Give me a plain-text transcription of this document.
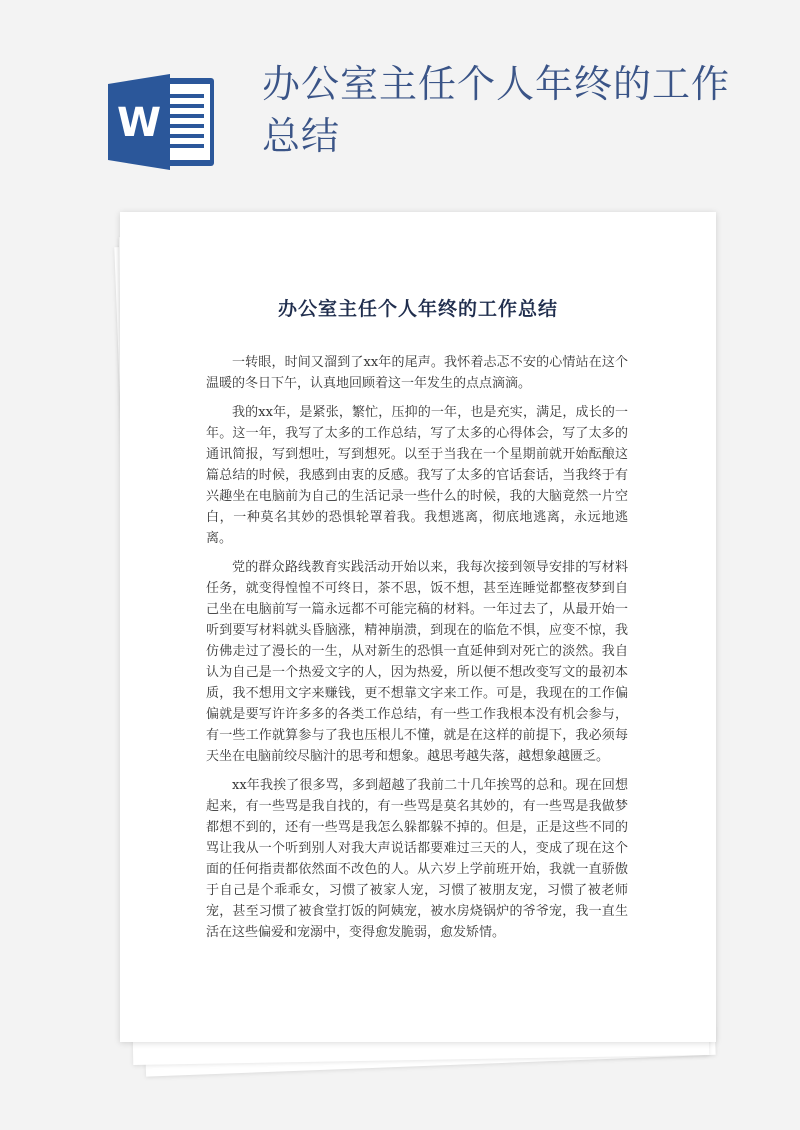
W
办公室主任个人年终的工作总结
办公室主任个人年终的工作总结

一转眼，时间又溜到了xx年的尾声。我怀着忐忑不安的心情站在这个温暖的冬日下午，认真地回顾着这一年发生的点点滴滴。

我的xx年，是紧张，繁忙，压抑的一年，也是充实，满足，成长的一年。这一年，我写了太多的工作总结，写了太多的心得体会，写了太多的通讯简报，写到想吐，写到想死。以至于当我在一个星期前就开始酝酿这篇总结的时候，我感到由衷的反感。我写了太多的官话套话，当我终于有兴趣坐在电脑前为自己的生活记录一些什么的时候，我的大脑竟然一片空白，一种莫名其妙的恐惧轮罩着我。我想逃离，彻底地逃离，永远地逃离。

党的群众路线教育实践活动开始以来，我每次接到领导安排的写材料任务，就变得惶惶不可终日，茶不思，饭不想，甚至连睡觉都整夜梦到自己坐在电脑前写一篇永远都不可能完稿的材料。一年过去了，从最开始一听到要写材料就头昏脑涨，精神崩溃，到现在的临危不惧，应变不惊，我仿佛走过了漫长的一生，从对新生的恐惧一直延伸到对死亡的淡然。我自认为自己是一个热爱文字的人，因为热爱，所以便不想改变写文的最初本质，我不想用文字来赚钱，更不想靠文字来工作。可是，我现在的工作偏偏就是要写许许多多的各类工作总结，有一些工作我根本没有机会参与，有一些工作就算参与了我也压根儿不懂，就是在这样的前提下，我必须每天坐在电脑前绞尽脑汁的思考和想象。越思考越失落，越想象越匮乏。

xx年我挨了很多骂，多到超越了我前二十几年挨骂的总和。现在回想起来，有一些骂是我自找的，有一些骂是莫名其妙的，有一些骂是我做梦都想不到的，还有一些骂是我怎么躲都躲不掉的。但是，正是这些不同的骂让我从一个听到别人对我大声说话都要难过三天的人，变成了现在这个面的任何指责都依然面不改色的人。从六岁上学前班开始，我就一直骄傲于自己是个乖乖女，习惯了被家人宠，习惯了被朋友宠，习惯了被老师宠，甚至习惯了被食堂打饭的阿姨宠，被水房烧锅炉的爷爷宠，我一直生活在这些偏爱和宠溺中，变得愈发脆弱，愈发矫情。
